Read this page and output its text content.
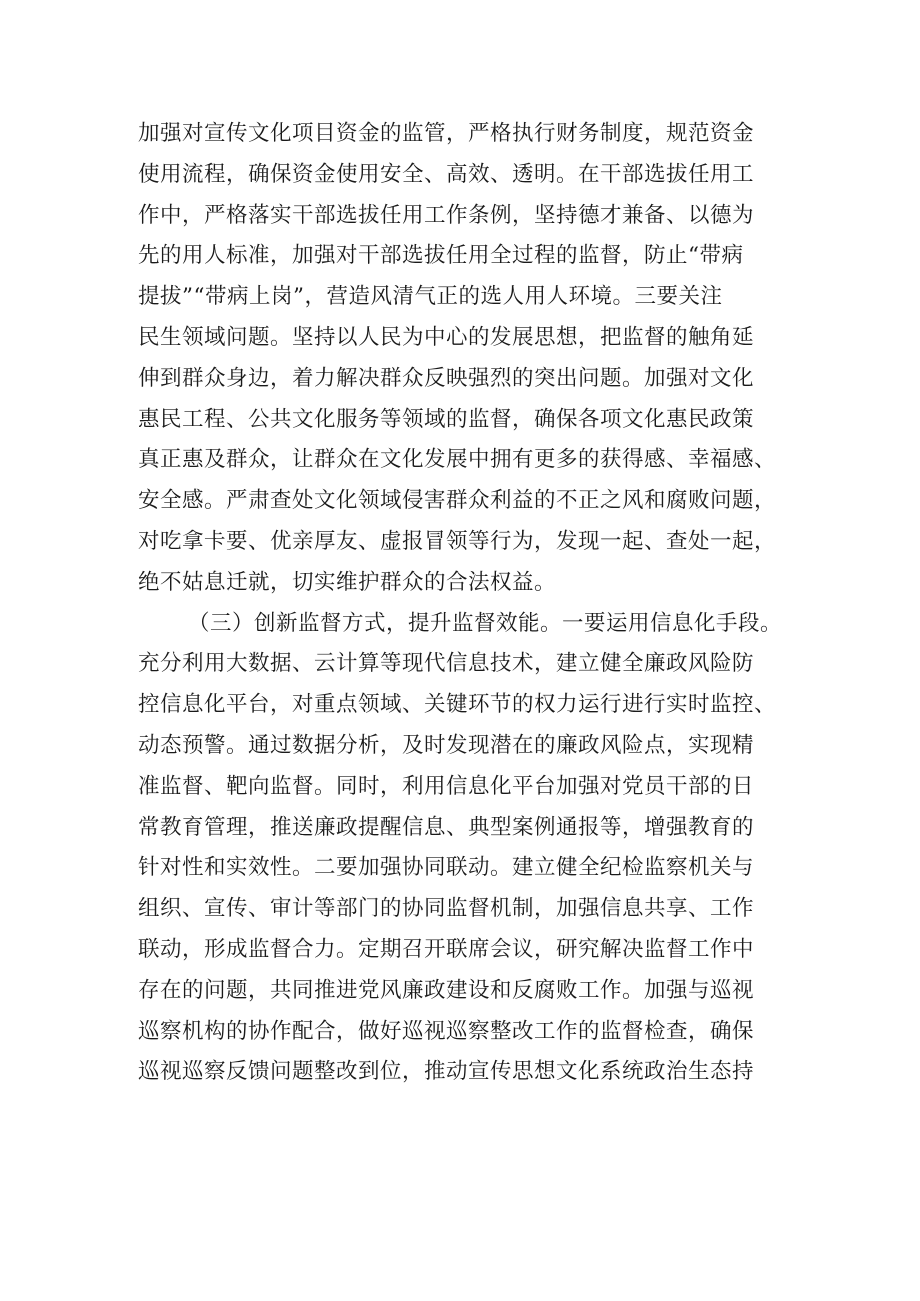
加强对宣传文化项目资金的监管，严格执行财务制度，规范资金
使用流程，确保资金使用安全、高效、透明。在干部选拔任用工
作中，严格落实干部选拔任用工作条例，坚持德才兼备、以德为
先的用人标准，加强对干部选拔任用全过程的监督，防止“带病
提拔”“带病上岗”，营造风清气正的选人用人环境。三要关注
民生领域问题。坚持以人民为中心的发展思想，把监督的触角延
伸到群众身边，着力解决群众反映强烈的突出问题。加强对文化
惠民工程、公共文化服务等领域的监督，确保各项文化惠民政策
真正惠及群众，让群众在文化发展中拥有更多的获得感、幸福感、
安全感。严肃查处文化领域侵害群众利益的不正之风和腐败问题，
对吃拿卡要、优亲厚友、虚报冒领等行为，发现一起、查处一起，
绝不姑息迁就，切实维护群众的合法权益。
（三）创新监督方式，提升监督效能。一要运用信息化手段。
充分利用大数据、云计算等现代信息技术，建立健全廉政风险防
控信息化平台，对重点领域、关键环节的权力运行进行实时监控、
动态预警。通过数据分析，及时发现潜在的廉政风险点，实现精
准监督、靶向监督。同时，利用信息化平台加强对党员干部的日
常教育管理，推送廉政提醒信息、典型案例通报等，增强教育的
针对性和实效性。二要加强协同联动。建立健全纪检监察机关与
组织、宣传、审计等部门的协同监督机制，加强信息共享、工作
联动，形成监督合力。定期召开联席会议，研究解决监督工作中
存在的问题，共同推进党风廉政建设和反腐败工作。加强与巡视
巡察机构的协作配合，做好巡视巡察整改工作的监督检查，确保
巡视巡察反馈问题整改到位，推动宣传思想文化系统政治生态持
